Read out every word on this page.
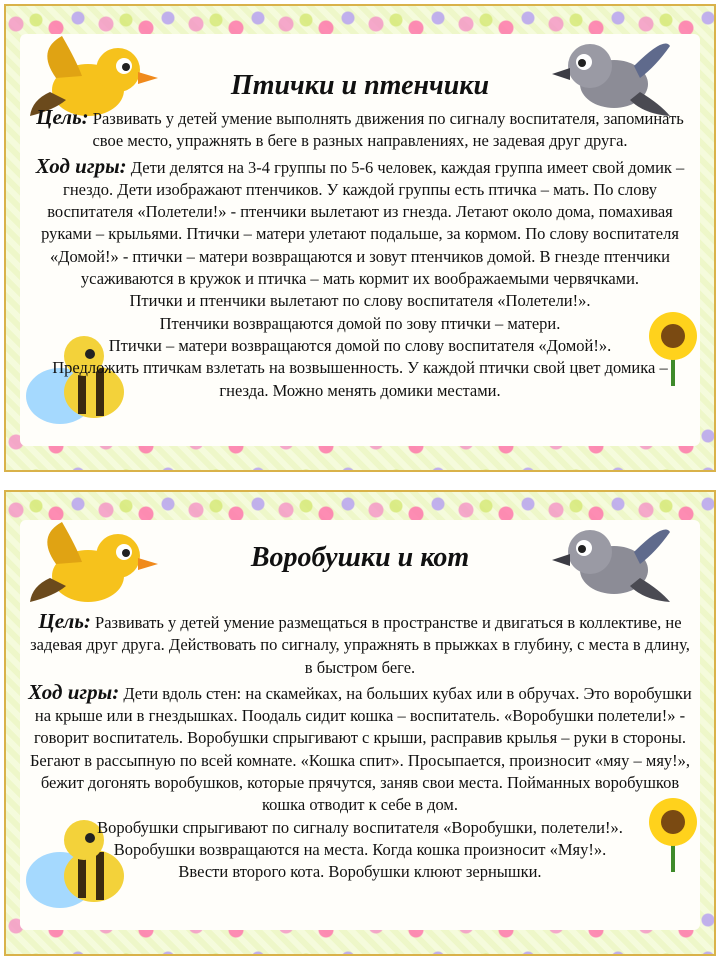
Птички и птенчики

Цель: Развивать у детей умение выполнять движения по сигналу воспитателя, запоминать свое место, упражнять в беге в разных направлениях, не задевая друг друга.

Ход игры: Дети делятся на 3-4 группы по 5-6 человек, каждая группа имеет свой домик – гнездо. Дети изображают птенчиков. У каждой группы есть птичка – мать. По слову воспитателя «Полетели!» - птенчики вылетают из гнезда. Летают около дома, помахивая руками – крыльями. Птички – матери улетают подальше, за кормом. По слову воспитателя «Домой!» - птички – матери возвращаются и зовут птенчиков домой. В гнезде птенчики усаживаются в кружок и птичка – мать кормит их воображаемыми червячками.

Птички и птенчики вылетают по слову воспитателя «Полетели!».
Птенчики возвращаются домой по зову птички – матери.
Птички – матери возвращаются домой по слову воспитателя «Домой!».
Предложить птичкам взлетать на возвышенность. У каждой птички свой цвет домика – гнезда. Можно менять домики местами.
Воробушки и кот

Цель: Развивать у детей умение размещаться в пространстве и двигаться в коллективе, не задевая друг друга. Действовать по сигналу, упражнять в прыжках в глубину, с места в длину, в быстром беге.

Ход игры: Дети вдоль стен: на скамейках, на больших кубах или в обручах. Это воробушки на крыше или в гнездышках. Поодаль сидит кошка – воспитатель. «Воробушки полетели!» - говорит воспитатель. Воробушки спрыгивают с крыши, расправив крылья – руки в стороны. Бегают в рассыпную по всей комнате. «Кошка спит». Просыпается, произносит «мяу – мяу!», бежит догонять воробушков, которые прячутся, заняв свои места. Пойманных воробушков кошка отводит к себе в дом.

Воробушки спрыгивают по сигналу воспитателя «Воробушки, полетели!».
Воробушки возвращаются на места. Когда кошка произносит «Мяу!».
Ввести второго кота. Воробушки клюют зернышки.
